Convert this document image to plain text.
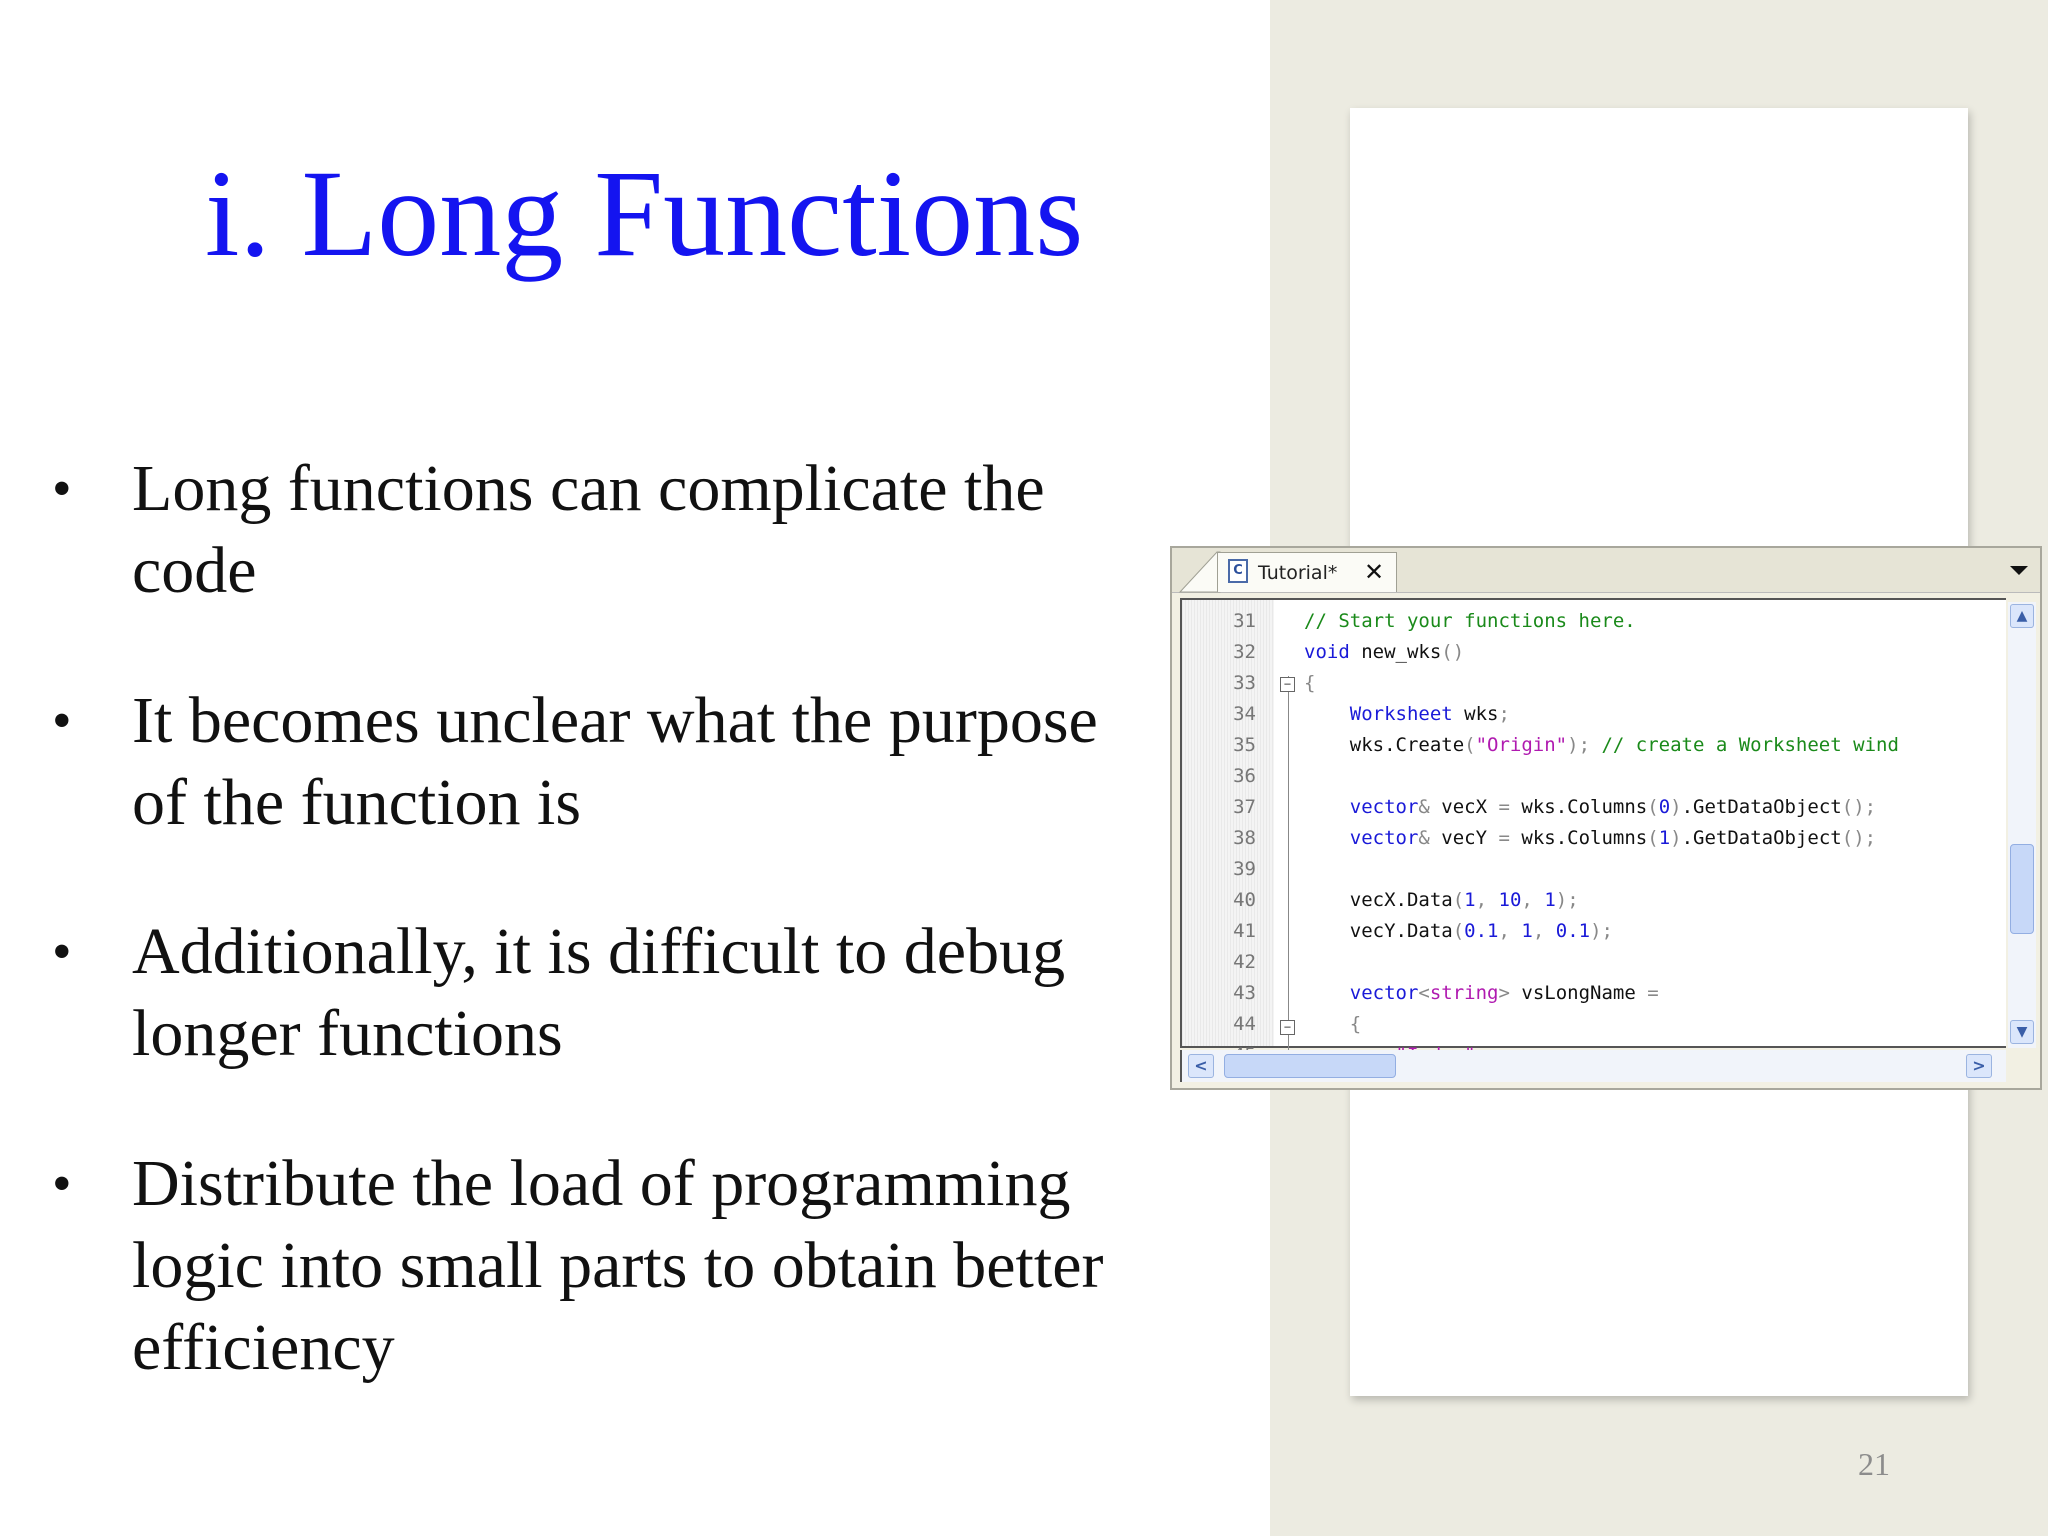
i. Long Functions
• Long functions can complicate the
code
• It becomes unclear what the purpose
of the function is
• Additionally, it is difficult to debug
longer functions
• Distribute the load of programming
logic into small parts to obtain better
efficiency
C Tutorial* ✕
−
−
31	// Start your functions here.
32	void new_wks()
33	{
34	Worksheet wks;
35	wks.Create("Origin"); // create a Worksheet wind
36
37	vector& vecX = wks.Columns(0).GetDataObject();
38	vector& vecY = wks.Columns(1).GetDataObject();
39
40	vecX.Data(1, 10, 1);
41	vecY.Data(0.1, 1, 0.1);
42
43	vector<string> vsLongName =
44	{

▲
▼
<	>
21
